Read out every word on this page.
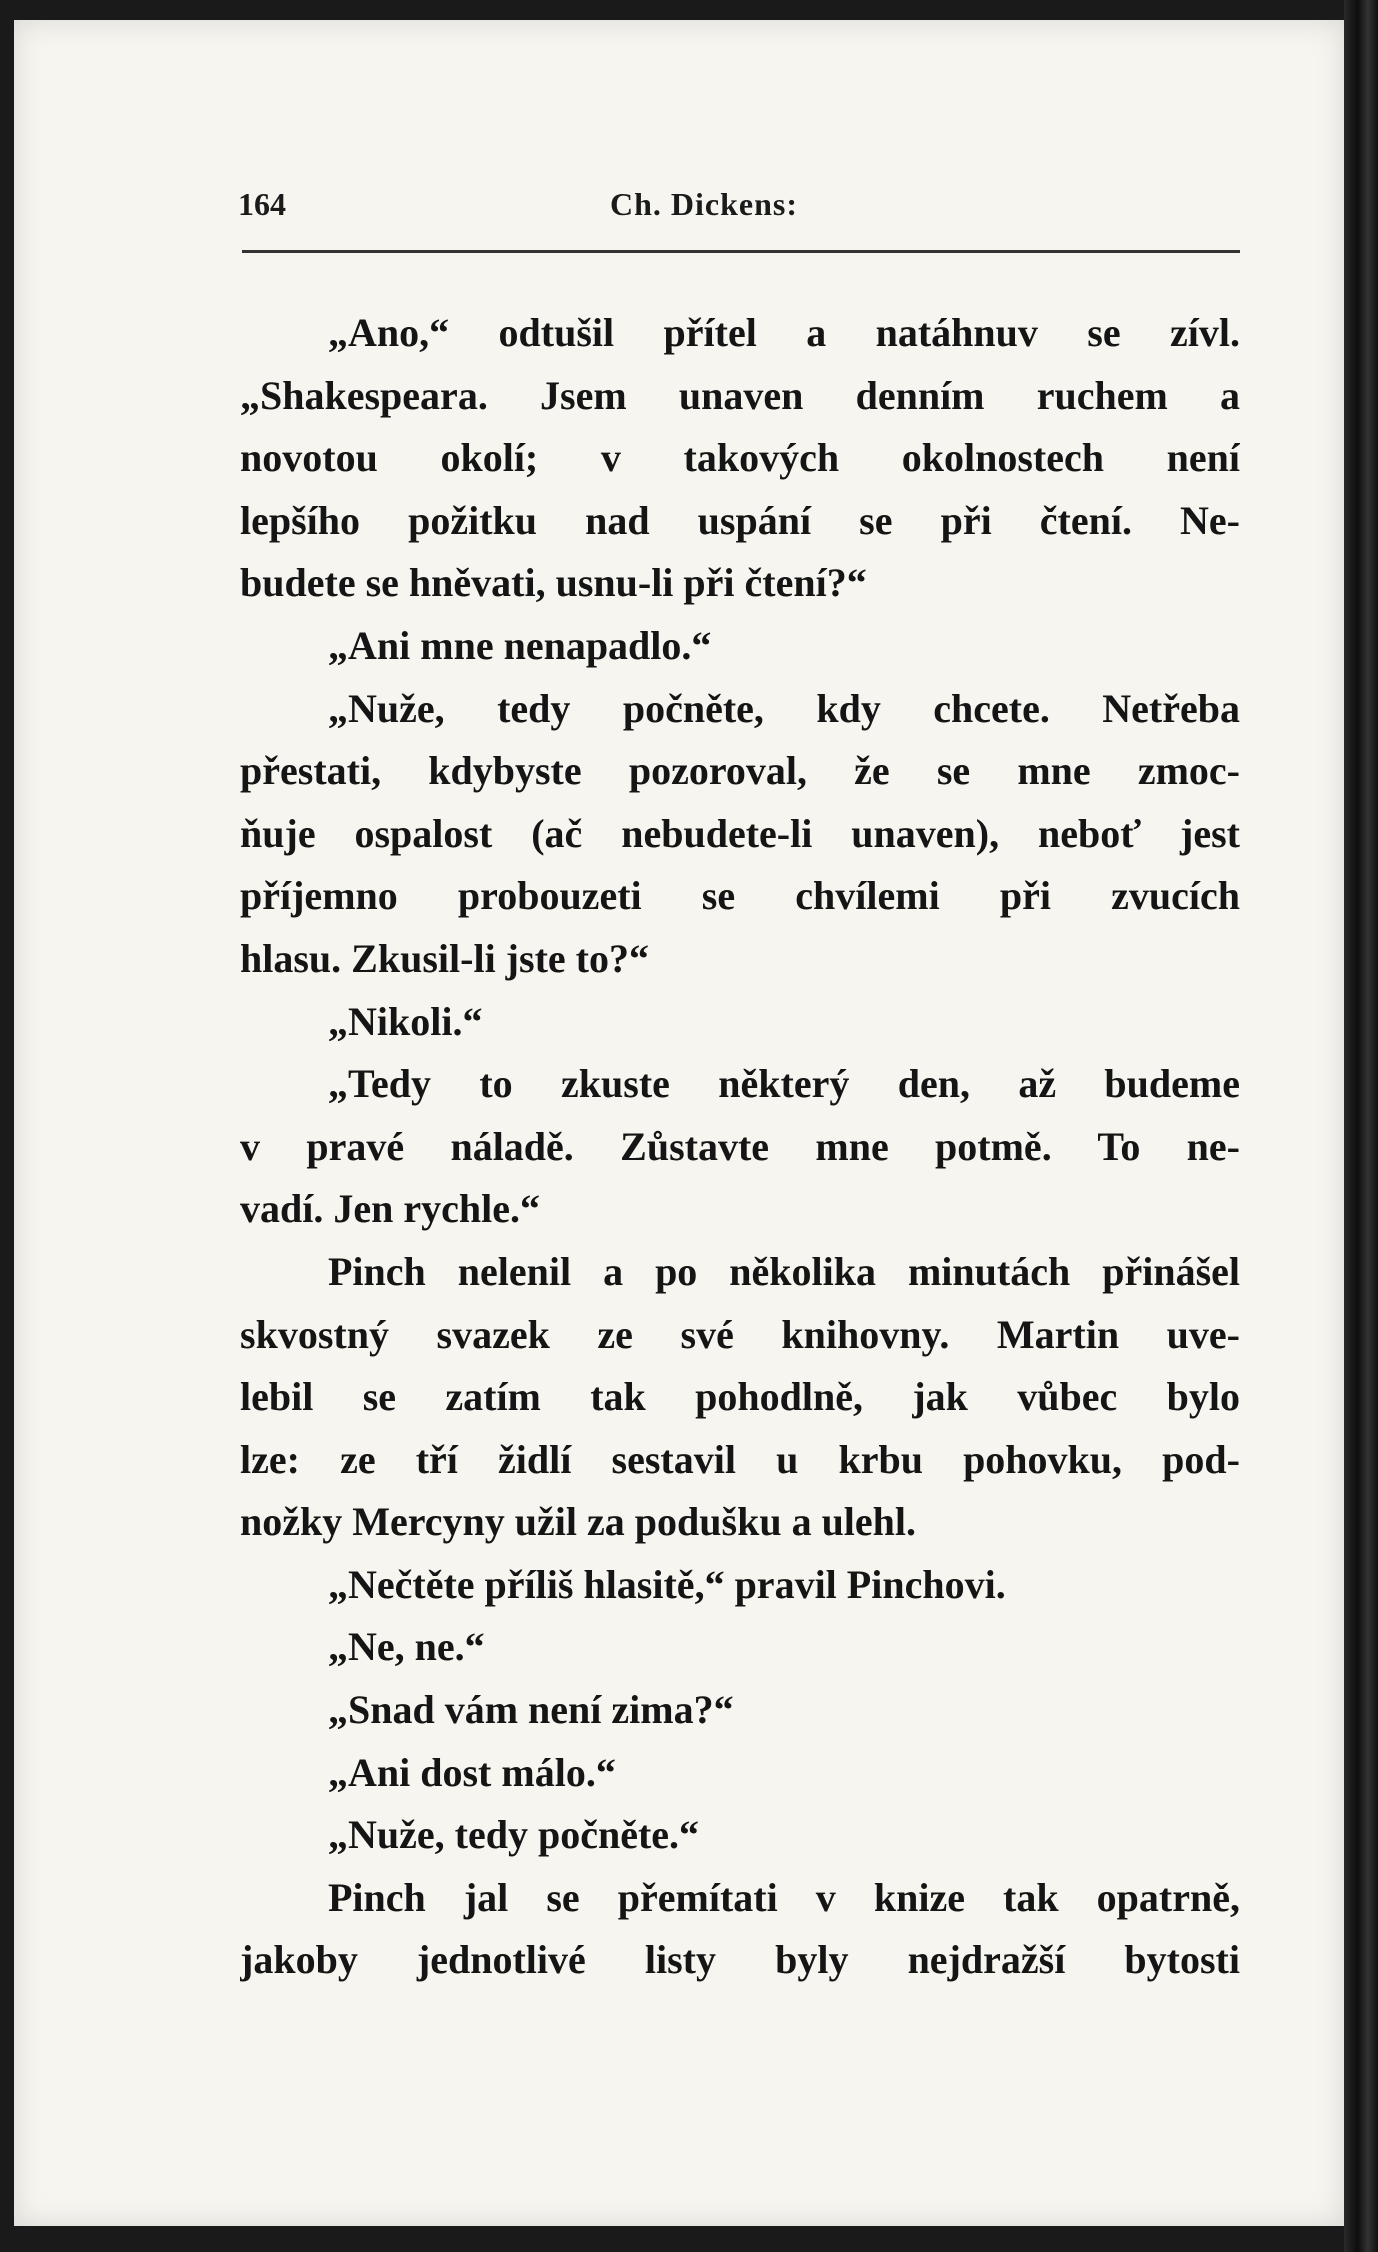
164	Ch. Dickens:
„Ano,“ odtušil přítel a natáhnuv se zívl.
„Shakespeara. Jsem unaven denním ruchem a
novotou okolí; v takových okolnostech není
lepšího požitku nad uspání se při čtení. Ne-
budete se hněvati, usnu-li při čtení?“
„Ani mne nenapadlo.“
„Nuže, tedy počněte, kdy chcete. Netřeba
přestati, kdybyste pozoroval, že se mne zmoc-
ňuje ospalost (ač nebudete-li unaven), neboť jest
příjemno probouzeti se chvílemi při zvucích
hlasu. Zkusil-li jste to?“
„Nikoli.“
„Tedy to zkuste některý den, až budeme
v pravé náladě. Zůstavte mne potmě. To ne-
vadí. Jen rychle.“
Pinch nelenil a po několika minutách přinášel
skvostný svazek ze své knihovny. Martin uve-
lebil se zatím tak pohodlně, jak vůbec bylo
lze: ze tří židlí sestavil u krbu pohovku, pod-
nožky Mercyny užil za podušku a ulehl.
„Nečtěte příliš hlasitě,“ pravil Pinchovi.
„Ne, ne.“
„Snad vám není zima?“
„Ani dost málo.“
„Nuže, tedy počněte.“
Pinch jal se přemítati v knize tak opatrně,
jakoby jednotlivé listy byly nejdražší bytosti
